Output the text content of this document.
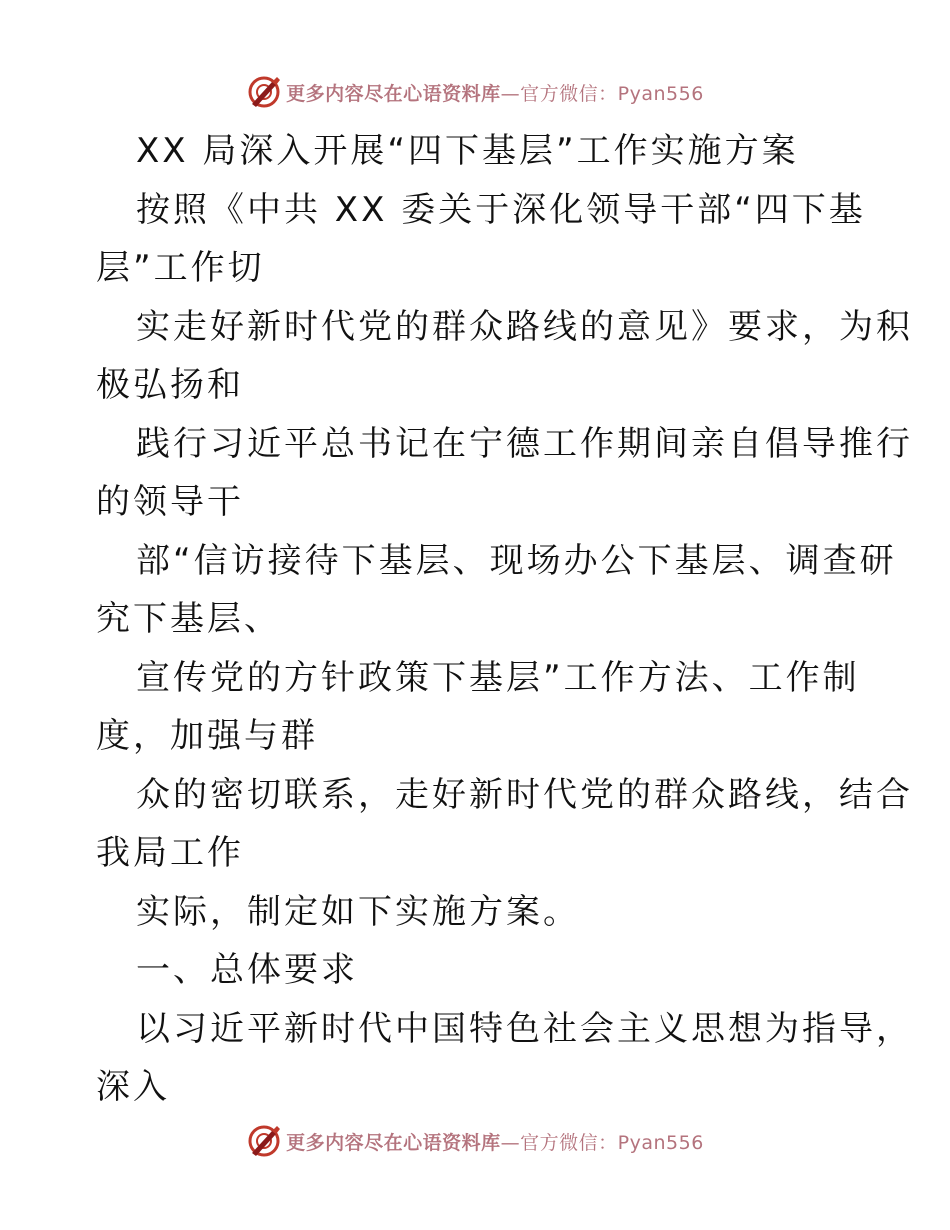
更多内容尽在心语资料库—官方微信：Pyan556
XX 局深入开展“四下基层”工作实施方案
按照《中共 XX 委关于深化领导干部“四下基
层”工作切
实走好新时代党的群众路线的意见》要求，为积
极弘扬和
践行习近平总书记在宁德工作期间亲自倡导推行
的领导干
部“信访接待下基层、现场办公下基层、调查研
究下基层、
宣传党的方针政策下基层”工作方法、工作制
度，加强与群
众的密切联系，走好新时代党的群众路线，结合
我局工作
实际，制定如下实施方案。
一、总体要求
以习近平新时代中国特色社会主义思想为指导，
深入
更多内容尽在心语资料库—官方微信：Pyan556
